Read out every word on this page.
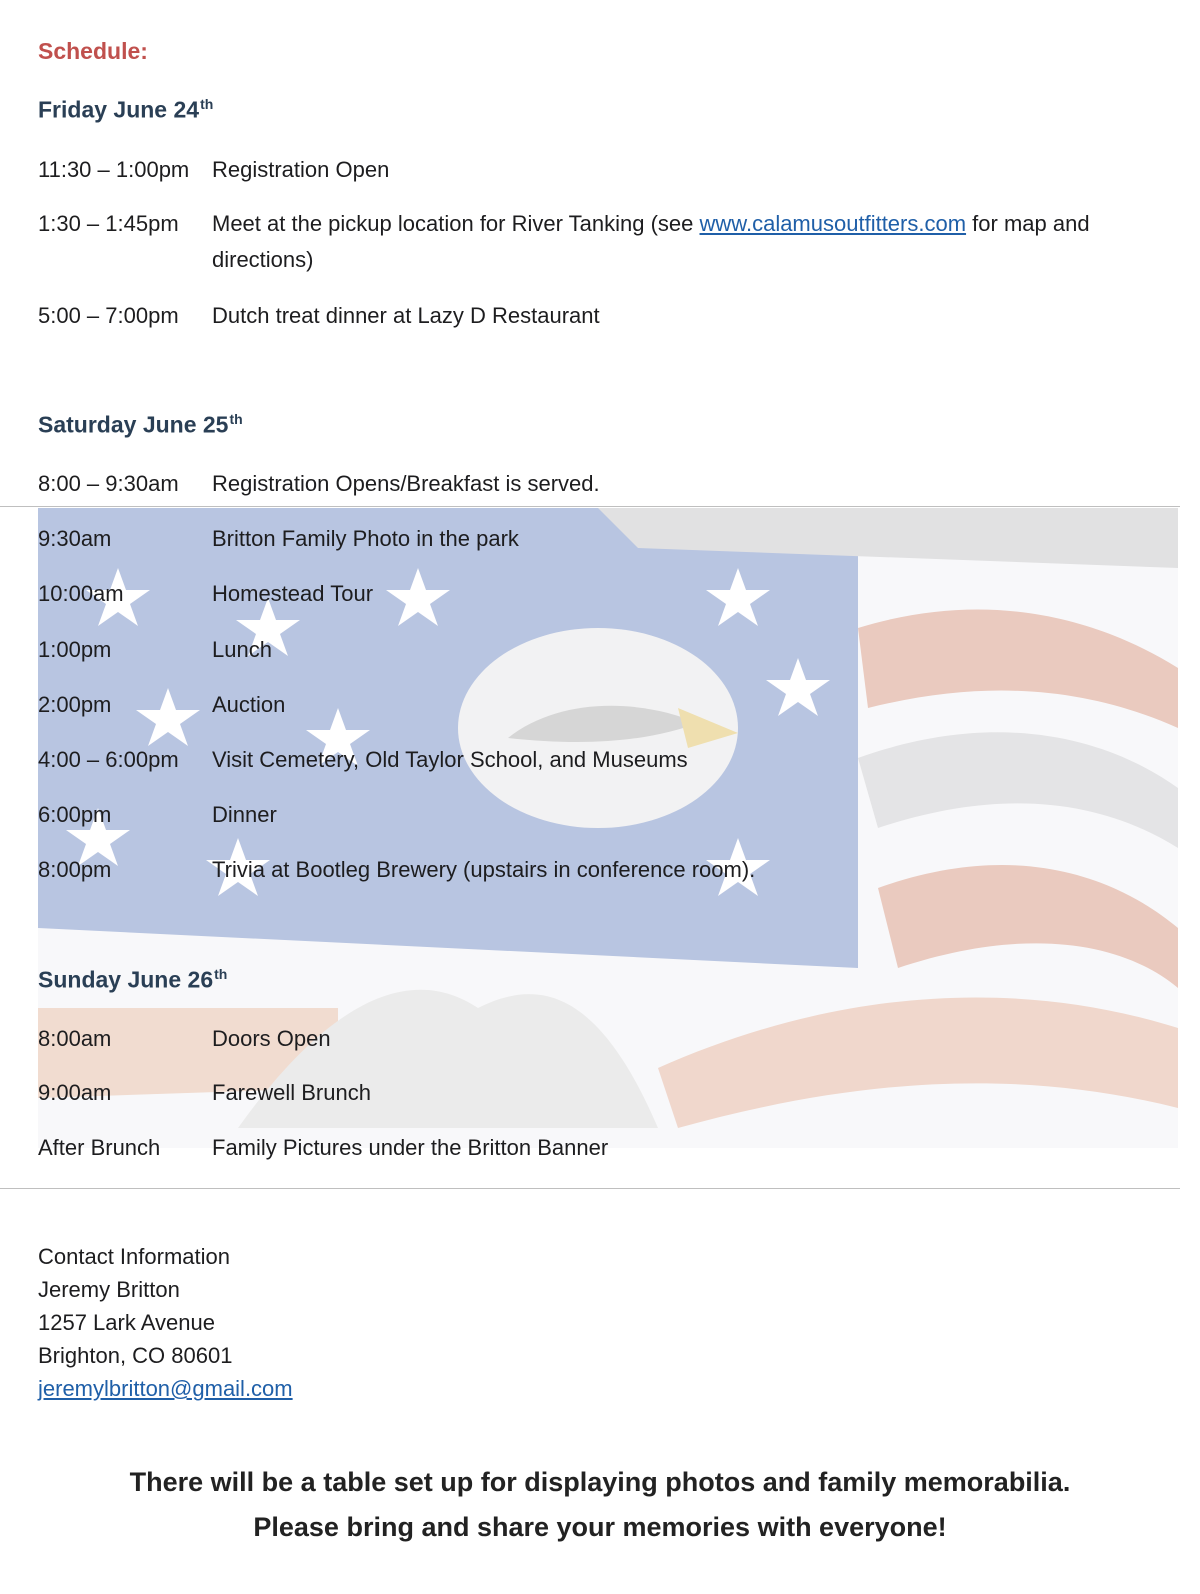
Schedule:
Friday June 24th
11:30 – 1:00pm	Registration Open
1:30 – 1:45pm	Meet at the pickup location for River Tanking (see www.calamusoutfitters.com for map and directions)
5:00 – 7:00pm	Dutch treat dinner at Lazy D Restaurant
Saturday June 25th
8:00 – 9:30am	Registration Opens/Breakfast is served.
9:30am	Britton Family Photo in the park
10:00am	Homestead Tour
1:00pm	Lunch
2:00pm	Auction
4:00 – 6:00pm	Visit Cemetery, Old Taylor School, and Museums
6:00pm	Dinner
8:00pm	Trivia at Bootleg Brewery (upstairs in conference room).
Sunday June 26th
8:00am	Doors Open
9:00am	Farewell Brunch
After Brunch	Family Pictures under the Britton Banner
Contact Information
Jeremy Britton
1257 Lark Avenue
Brighton, CO 80601
jeremylbritton@gmail.com
There will be a table set up for displaying photos and family memorabilia.
Please bring and share your memories with everyone!
